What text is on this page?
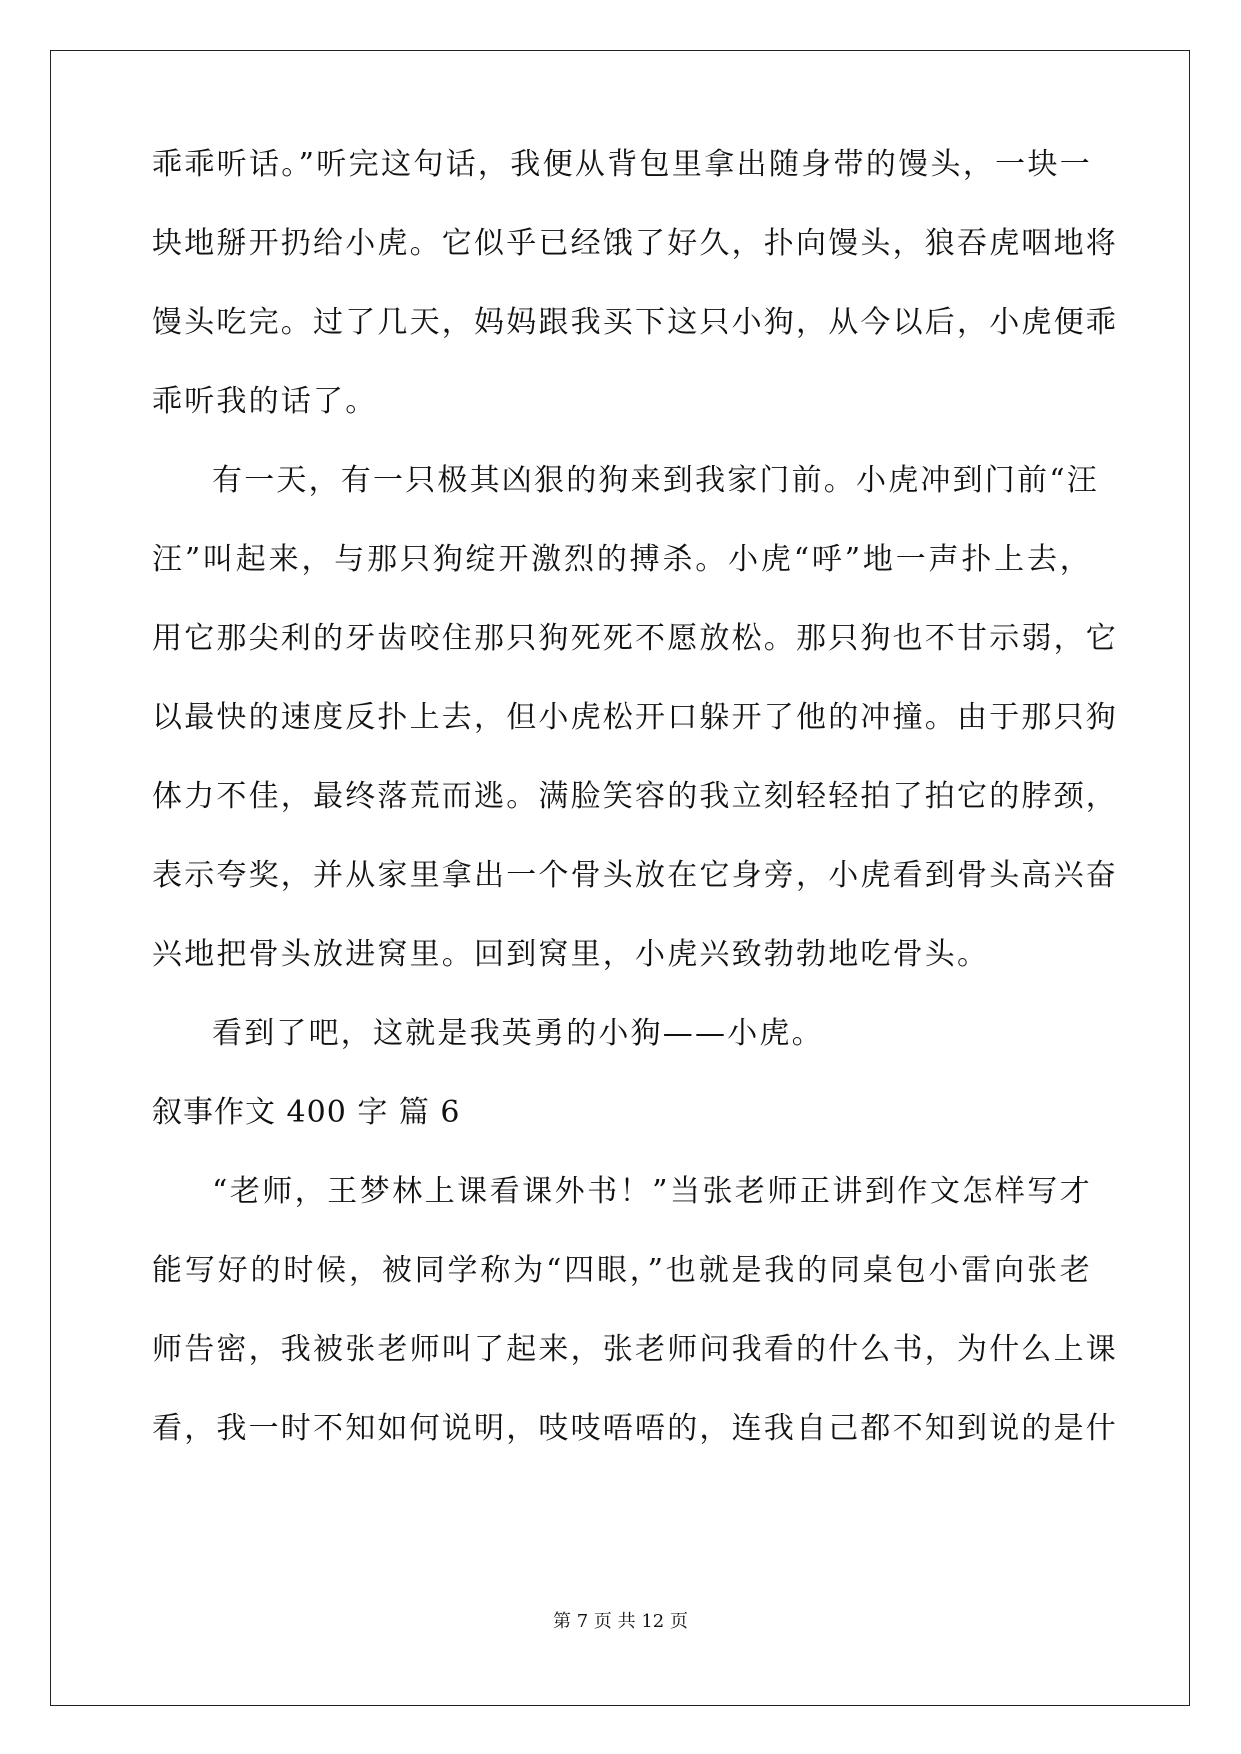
乖乖听话。”听完这句话，我便从背包里拿出随身带的馒头，一块一
块地掰开扔给小虎。它似乎已经饿了好久，扑向馒头，狼吞虎咽地将
馒头吃完。过了几天，妈妈跟我买下这只小狗，从今以后，小虎便乖
乖听我的话了。
有一天，有一只极其凶狠的狗来到我家门前。小虎冲到门前“汪
汪”叫起来，与那只狗绽开激烈的搏杀。小虎“呼”地一声扑上去，
用它那尖利的牙齿咬住那只狗死死不愿放松。那只狗也不甘示弱，它
以最快的速度反扑上去，但小虎松开口躲开了他的冲撞。由于那只狗
体力不佳，最终落荒而逃。满脸笑容的我立刻轻轻拍了拍它的脖颈，
表示夸奖，并从家里拿出一个骨头放在它身旁，小虎看到骨头高兴奋
兴地把骨头放进窝里。回到窝里，小虎兴致勃勃地吃骨头。
看到了吧，这就是我英勇的小狗——小虎。
叙事作文 400 字 篇 6
“老师，王梦林上课看课外书！”当张老师正讲到作文怎样写才
能写好的时候，被同学称为“四眼，”也就是我的同桌包小雷向张老
师告密，我被张老师叫了起来，张老师问我看的什么书，为什么上课
看，我一时不知如何说明，吱吱唔唔的，连我自己都不知到说的是什
第 7 页 共 12 页
